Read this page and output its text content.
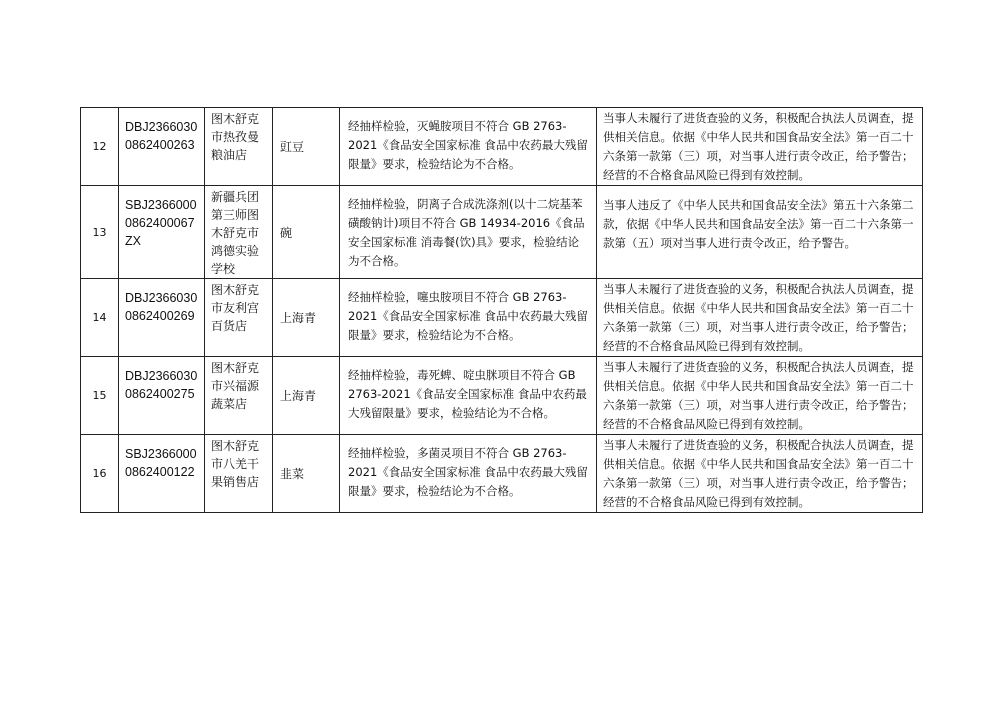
12	DBJ2366030 0862400263	图木舒克市热孜曼粮油店	豇豆	经抽样检验，灭蝇胺项目不符合 GB 2763-2021《食品安全国家标准 食品中农药最大残留限量》要求，检验结论为不合格。	当事人未履行了进货查验的义务，积极配合执法人员调查，提供相关信息。依据《中华人民共和国食品安全法》第一百二十六条第一款第（三）项，对当事人进行责令改正，给予警告；经营的不合格食品风险已得到有效控制。

13	SBJ2366000 0862400067 ZX	新疆兵团第三师图木舒克市鸿德实验学校	碗	经抽样检验，阴离子合成洗涤剂(以十二烷基苯磺酸钠计)项目不符合 GB 14934-2016《食品安全国家标准 消毒餐(饮)具》要求，检验结论为不合格。	当事人违反了《中华人民共和国食品安全法》第五十六条第二款，依据《中华人民共和国食品安全法》第一百二十六条第一款第（五）项对当事人进行责令改正，给予警告。

14	DBJ2366030 0862400269	图木舒克市友利宫百货店	上海青	经抽样检验，噻虫胺项目不符合 GB 2763-2021《食品安全国家标准 食品中农药最大残留限量》要求，检验结论为不合格。	当事人未履行了进货查验的义务，积极配合执法人员调查，提供相关信息。依据《中华人民共和国食品安全法》第一百二十六条第一款第（三）项，对当事人进行责令改正，给予警告；经营的不合格食品风险已得到有效控制。

15	DBJ2366030 0862400275	图木舒克市兴福源蔬菜店	上海青	经抽样检验，毒死蜱、啶虫脒项目不符合 GB 2763-2021《食品安全国家标准 食品中农药最大残留限量》要求，检验结论为不合格。	当事人未履行了进货查验的义务，积极配合执法人员调查，提供相关信息。依据《中华人民共和国食品安全法》第一百二十六条第一款第（三）项，对当事人进行责令改正，给予警告；经营的不合格食品风险已得到有效控制。

16	SBJ2366000 0862400122	图木舒克市八羌干果销售店	韭菜	经抽样检验，多菌灵项目不符合 GB 2763-2021《食品安全国家标准 食品中农药最大残留限量》要求，检验结论为不合格。	当事人未履行了进货查验的义务，积极配合执法人员调查，提供相关信息。依据《中华人民共和国食品安全法》第一百二十六条第一款第（三）项，对当事人进行责令改正，给予警告；经营的不合格食品风险已得到有效控制。
